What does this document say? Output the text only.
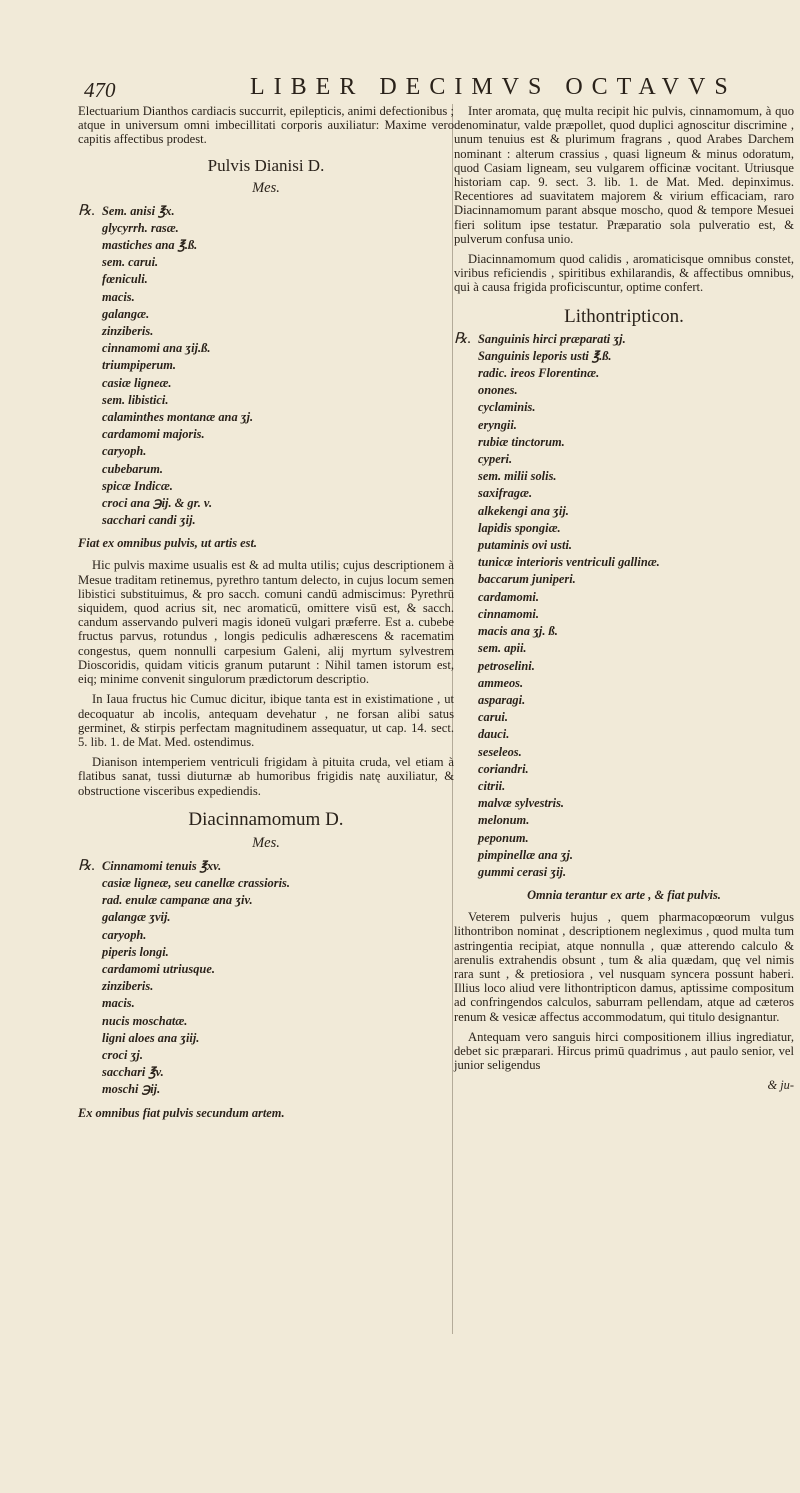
470	LIBER DECIMVS OCTAVVS

Electuarium Dianthos cardiacis succurrit, epilepticis, animi defectionibus ; atque in universum omni imbecillitati corporis auxiliatur: Maxime vero capitis affectibus prodest.

Pulvis Dianisi D.
Mes.
℞. Sem. anisi ℥x.
glycyrrh. rasæ.
mastiches ana ℥.ß.
sem. carui.
fœniculi.
macis.
galangæ.
zinziberis.
cinnamomi ana ʒij.ß.
triumpiperum.
casiæ ligneæ.
sem. libistici.
calaminthes montanæ ana ʒj.
cardamomi majoris.
caryoph.
cubebarum.
spicæ Indicæ.
croci ana ℈ij. & gr. v.
sacchari candi ʒij.
Fiat ex omnibus pulvis, ut artis est.

Hic pulvis maxime usualis est & ad multa utilis; cujus descriptionem à Mesue traditam retinemus, pyrethro tantum delecto, in cujus locum semen libistici substituimus, & pro sacch. comuni candū admiscimus: Pyrethrū siquidem, quod acrius sit, nec aromaticū, omittere visū est, & sacch. candum asservando pulveri magis idoneū vulgari præferre. Est a. cubebe fructus parvus, rotundus , longis pediculis adhærescens & racematim congestus, quem nonnulli carpesium Galeni, alij myrtum sylvestrem Dioscoridis, quidam viticis granum putarunt : Nihil tamen istorum est, eiq; minime convenit singulorum prædictorum descriptio.

In Iaua fructus hic Cumuc dicitur, ibique tanta est in existimatione , ut decoquatur ab incolis, antequam devehatur , ne forsan alibi satus germinet, & stirpis perfectam magnitudinem assequatur, ut cap. 14. sect. 5. lib. 1. de Mat. Med. ostendimus.

Dianison intemperiem ventriculi frigidam à pituita cruda, vel etiam à flatibus sanat, tussi diuturnæ ab humoribus frigidis natę auxiliatur, & obstructione visceribus expediendis.

Diacinnamomum D.
Mes.
℞. Cinnamomi tenuis ℥xv.
casiæ ligneæ, seu canellæ crassioris.
rad. enulæ campanæ ana ʒiv.
galangæ ʒvij.
caryoph.
piperis longi.
cardamomi utriusque.
zinziberis.
macis.
nucis moschatæ.
ligni aloes ana ʒiij.
croci ʒj.
sacchari ℥v.
moschi ℈ij.
Ex omnibus fiat pulvis secundum artem.

Inter aromata, quę multa recipit hic pulvis, cinnamomum, à quo denominatur, valde præpollet, quod duplici agnoscitur discrimine , unum tenuius est & plurimum fragrans , quod Arabes Darchem nominant : alterum crassius , quasi ligneum & minus odoratum, quod Casiam ligneam, seu vulgarem officinæ vocitant. Utriusque historiam cap. 9. sect. 3. lib. 1. de Mat. Med. depinximus. Recentiores ad suavitatem majorem & virium efficaciam, raro Diacinnamomum parant absque moscho, quod & tempore Mesuei fieri solitum ipse testatur. Præparatio sola pulveratio est, & pulverum confusa unio.

Diacinnamomum quod calidis , aromaticisque omnibus constet, viribus reficiendis , spiritibus exhilarandis, & affectibus omnibus, qui à causa frigida proficiscuntur, optime confert.

Lithontripticon.
℞. Sanguinis hirci præparati ʒj.
Sanguinis leporis usti ℥.ß.
radic. ireos Florentinæ.
onones.
cyclaminis.
eryngii.
rubiæ tinctorum.
cyperi.
sem. milii solis.
saxifragæ.
alkekengi ana ʒij.
lapidis spongiæ.
putaminis ovi usti.
tunicæ interioris ventriculi gallinæ.
baccarum juniperi.
cardamomi.
cinnamomi.
macis ana ʒj. ß.
sem. apii.
petroselini.
ammeos.
asparagi.
carui.
dauci.
seseleos.
coriandri.
citrii.
malvæ sylvestris.
melonum.
peponum.
pimpinellæ ana ʒj.
gummi cerasi ʒij.
Omnia terantur ex arte , & fiat pulvis.

Veterem pulveris hujus , quem pharmacopœorum vulgus lithontribon nominat , descriptionem negleximus , quod multa tum astringentia recipiat, atque nonnulla , quæ atterendo calculo & arenulis extrahendis obsunt , tum & alia quædam, quę vel nimis rara sunt , & pretiosiora , vel nusquam syncera possunt haberi. Illius loco aliud vere lithontripticon damus, aptissime compositum ad confringendos calculos, saburram pellendam, atque ad cæteros renum & vesicæ affectus accommodatum, qui titulo designantur.

Antequam vero sanguis hirci compositionem illius ingrediatur, debet sic præparari. Hircus primū quadrimus , aut paulo senior, vel junior seligendus

& ju-
